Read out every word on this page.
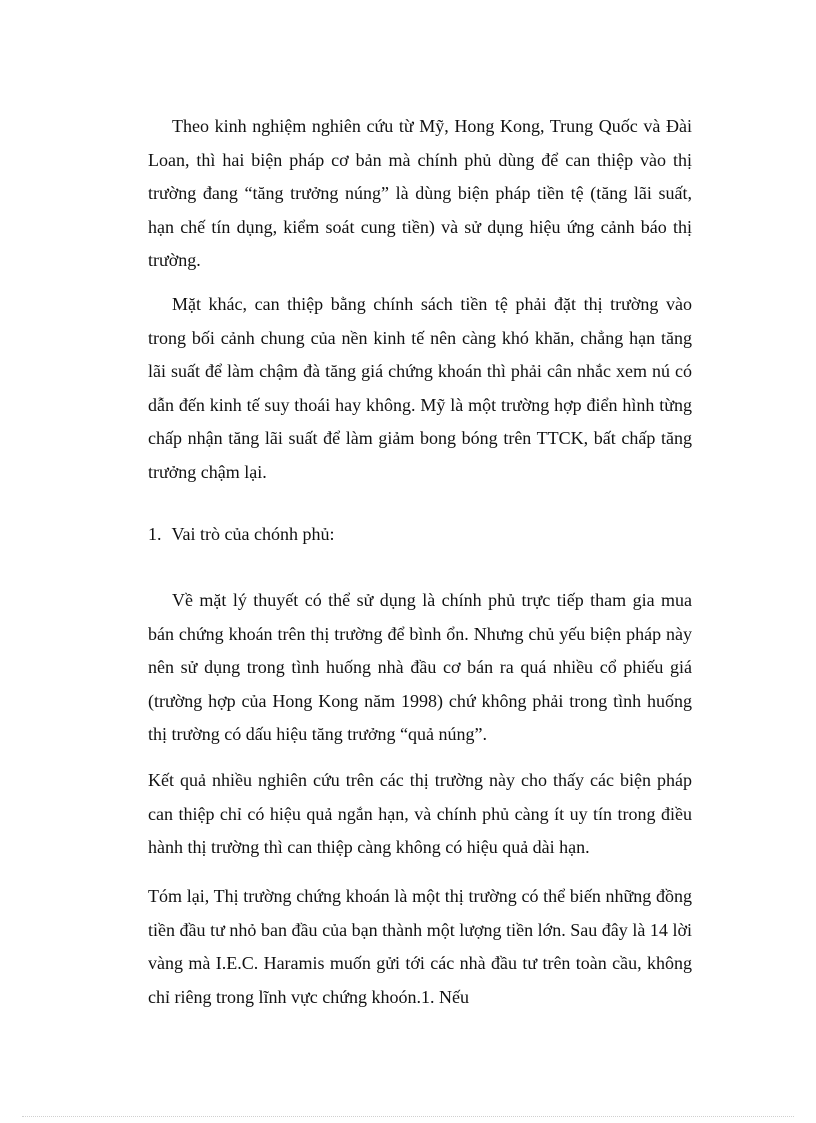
Theo kinh nghiệm nghiên cứu từ Mỹ, Hong Kong, Trung Quốc và Đài Loan, thì hai biện pháp cơ bản mà chính phủ dùng để can thiệp vào thị trường đang “tăng trưởng núng” là dùng biện pháp tiền tệ (tăng lãi suất, hạn chế tín dụng, kiểm soát cung tiền) và sử dụng hiệu ứng cảnh báo thị trường.

Mặt khác, can thiệp bằng chính sách tiền tệ phải đặt thị trường vào trong bối cảnh chung của nền kinh tế nên càng khó khăn, chẳng hạn tăng lãi suất để làm chậm đà tăng giá chứng khoán thì phải cân nhắc xem nú có dẫn đến kinh tế suy thoái hay không. Mỹ là một trường hợp điển hình từng chấp nhận tăng lãi suất để làm giảm bong bóng trên TTCK, bất chấp tăng trưởng chậm lại.

1. Vai trò của chónh phủ:

Về mặt lý thuyết có thể sử dụng là chính phủ trực tiếp tham gia mua bán chứng khoán trên thị trường để bình ổn. Nhưng chủ yếu biện pháp này nên sử dụng trong tình huống nhà đầu cơ bán ra quá nhiều cổ phiếu giá (trường hợp của Hong Kong năm 1998) chứ không phải trong tình huống thị trường có dấu hiệu tăng trưởng “quả núng”.

Kết quả nhiều nghiên cứu trên các thị trường này cho thấy các biện pháp can thiệp chỉ có hiệu quả ngắn hạn, và chính phủ càng ít uy tín trong điều hành thị trường thì can thiệp càng không có hiệu quả dài hạn.

Tóm lại, Thị trường chứng khoán là một thị trường có thể biến những đồng tiền đầu tư nhỏ ban đầu của bạn thành một lượng tiền lớn. Sau đây là 14 lời vàng mà I.E.C. Haramis muốn gửi tới các nhà đầu tư trên toàn cầu, không chỉ riêng trong lĩnh vực chứng khoón.1. Nếu
